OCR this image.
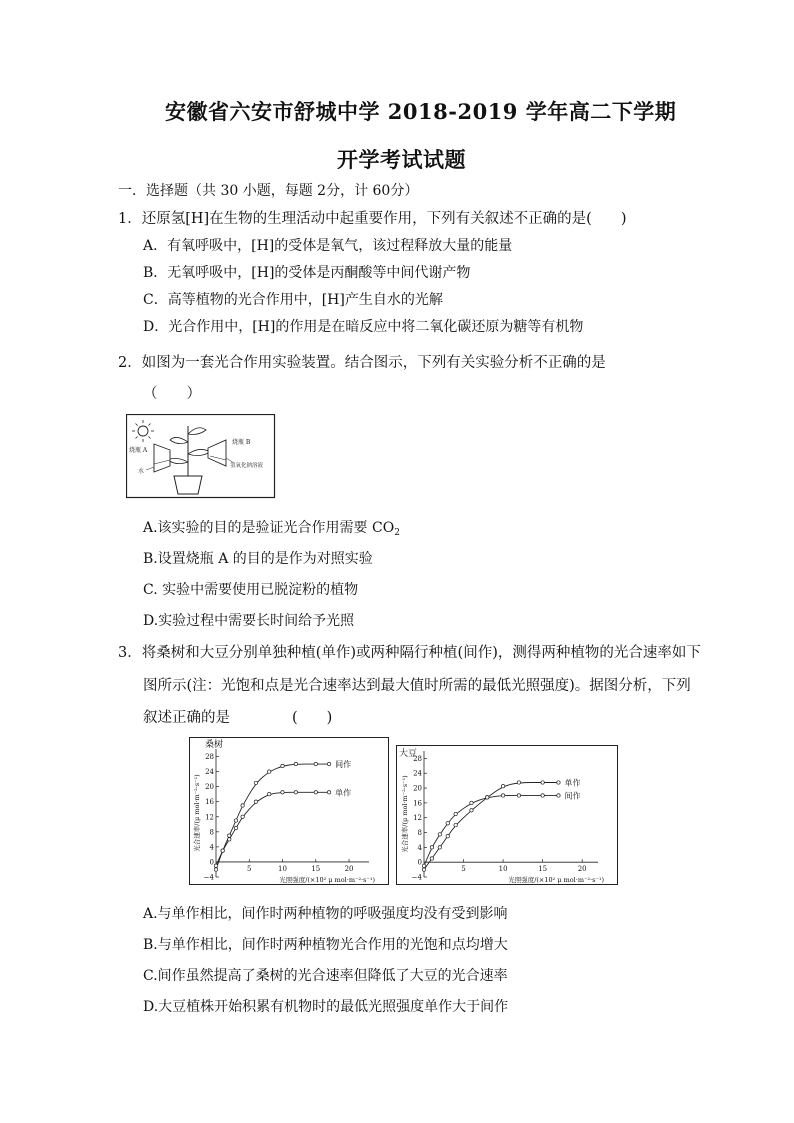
安徽省六安市舒城中学 2018-2019 学年高二下学期
开学考试试题
一．选择题（共 30 小题，每题 2分，计 60分）
1．还原氢[H]在生物的生理活动中起重要作用，下列有关叙述不正确的是(　　)
A．有氧呼吸中，[H]的受体是氧气，该过程释放大量的能量
B．无氧呼吸中，[H]的受体是丙酮酸等中间代谢产物
C．高等植物的光合作用中，[H]产生自水的光解
D．光合作用中，[H]的作用是在暗反应中将二氧化碳还原为糖等有机物
2．如图为一套光合作用实验装置。结合图示，下列有关实验分析不正确的是
（　　）
烧瓶 A
烧瓶 B
水
氢氧化钠溶液
A.该实验的目的是验证光合作用需要 $CO_2$
B.设置烧瓶 A 的目的是作为对照实验
C. 实验中需要使用已脱淀粉的植物
D.实验过程中需要长时间给予光照
3．将桑树和大豆分别单独种植(单作)或两种隔行种植(间作)，测得两种植物的光合速率如下
图所示(注：光饱和点是光合速率达到最大值时所需的最低光照强度)。据图分析，下列
叙述正确的是	(　　)
桑树
28
24
20
16
12
8
4
0
−4
5	10	15	20
光合速率/(μ mol·m⁻²·s⁻¹)
光照强度/(×10² μ mol·m⁻²·s⁻¹)
间作
单作
大豆
28
24
20
16
12
8
4
0
−4
5	10	15	20
光合速率/(μ mol·m⁻²·s⁻¹)
光照强度/(×10² μ mol·m⁻²·s⁻¹)
单作
间作
A.与单作相比，间作时两种植物的呼吸强度均没有受到影响
B.与单作相比，间作时两种植物光合作用的光饱和点均增大
C.间作虽然提高了桑树的光合速率但降低了大豆的光合速率
D.大豆植株开始积累有机物时的最低光照强度单作大于间作
